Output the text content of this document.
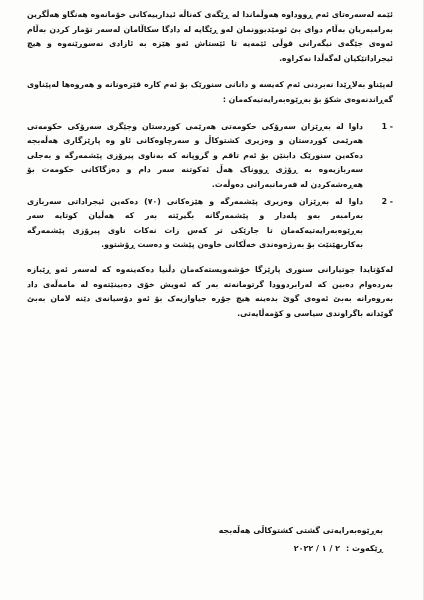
ئێمە لەسەرەتای ئەم ڕووداوە هەوڵماندا لە ڕێگەی کەناڵە ئیدارییەکانی خۆمانەوە هەنگاو هەڵگرین بەرامبەریان بەڵام دوای بێ ئومێدبوونمان لەو ڕێگایە لە دادگا سکاڵامان لەسەر تۆمار کردن بەڵام ئەوەی جێگەی نیگەرانی قوڵی ئێمەیە تا ئێستاش ئەو هێزە بە ئازادی نەسوڕێنەوە و هیچ ئیجراداتێکیان لەگەڵدا نەکراوە.

لەپێناو بەلاڕێدا نەبردنی ئەم کەیسە و دانانی سنورێک بۆ ئەم کارە قێزەونانە و هەروەها لەپێناوی گەڕاندنەوەی شکۆ بۆ بەڕێوەبەرایەتیەکەمان :

1 -
داوا لە بەڕێزان سەرۆکی حکومەتی هەرێمی کوردستان وجێگری سەرۆکی حکومەتی هەرێمی کوردستان و وەزیری کشتوکاڵ و سەرچاوەکانی ئاو وە پارێزگاری هەڵەبجە دەکەین سنورێک دابنێن بۆ ئەم تاقم و گروپانە کە بەناوی پیرۆزی پێشمەرگە و بەجلی سەربازیەوە بە ڕۆژی ڕووناک هەڵ ئەکوتنە سەر دام و دەزگاکانی حکومەت بۆ هەڕەشەکردن لە فەرمانبەرانی دەوڵەت.
2 -
داوا لە بەڕێزان وەزیری پێشمەرگە و هێزەکانی (٧٠) دەکەین ئیجراداتی سەربازی بەرامبەر بەو پلەدار و پێشمەرگانە بگیرێتە بەر کە هەڵیان کوتایە سەر بەڕێوەبەرایەتیەکەمان تا جارێکی تر کەس زات نەکات ناوی پیرۆزی پێشمەرگە بەکاربهێنێت بۆ بەرژەوەندی خەڵکانی خاوەن پێشت و دەست ڕۆشتوو.

لەکۆتایدا جوتیارانی سنوری پارێزگا خۆشەویستەکەمان دڵنیا دەکەینەوە کە لەسەر ئەو ڕێبازە بەردەوام دەبین کە لەرابردوودا گرتومانەتە بەر کە ئەویش خۆی دەبینێتەوە لە مامەڵەی داد بەروەرانە بەبێ ئەوەی گوێ بدەینە هیچ جۆرە جیاوازیەک بۆ ئەو دۆسیانەی دێنە لامان بەبێ گوێدانە باگراوندی سیاسی و کۆمەڵایەتی.

بەڕێوەبەرایەتی گشتی کشتوکاڵی هەڵەبجە
ڕێکەوت :
٢ / ١ / ٢٠٢٢
